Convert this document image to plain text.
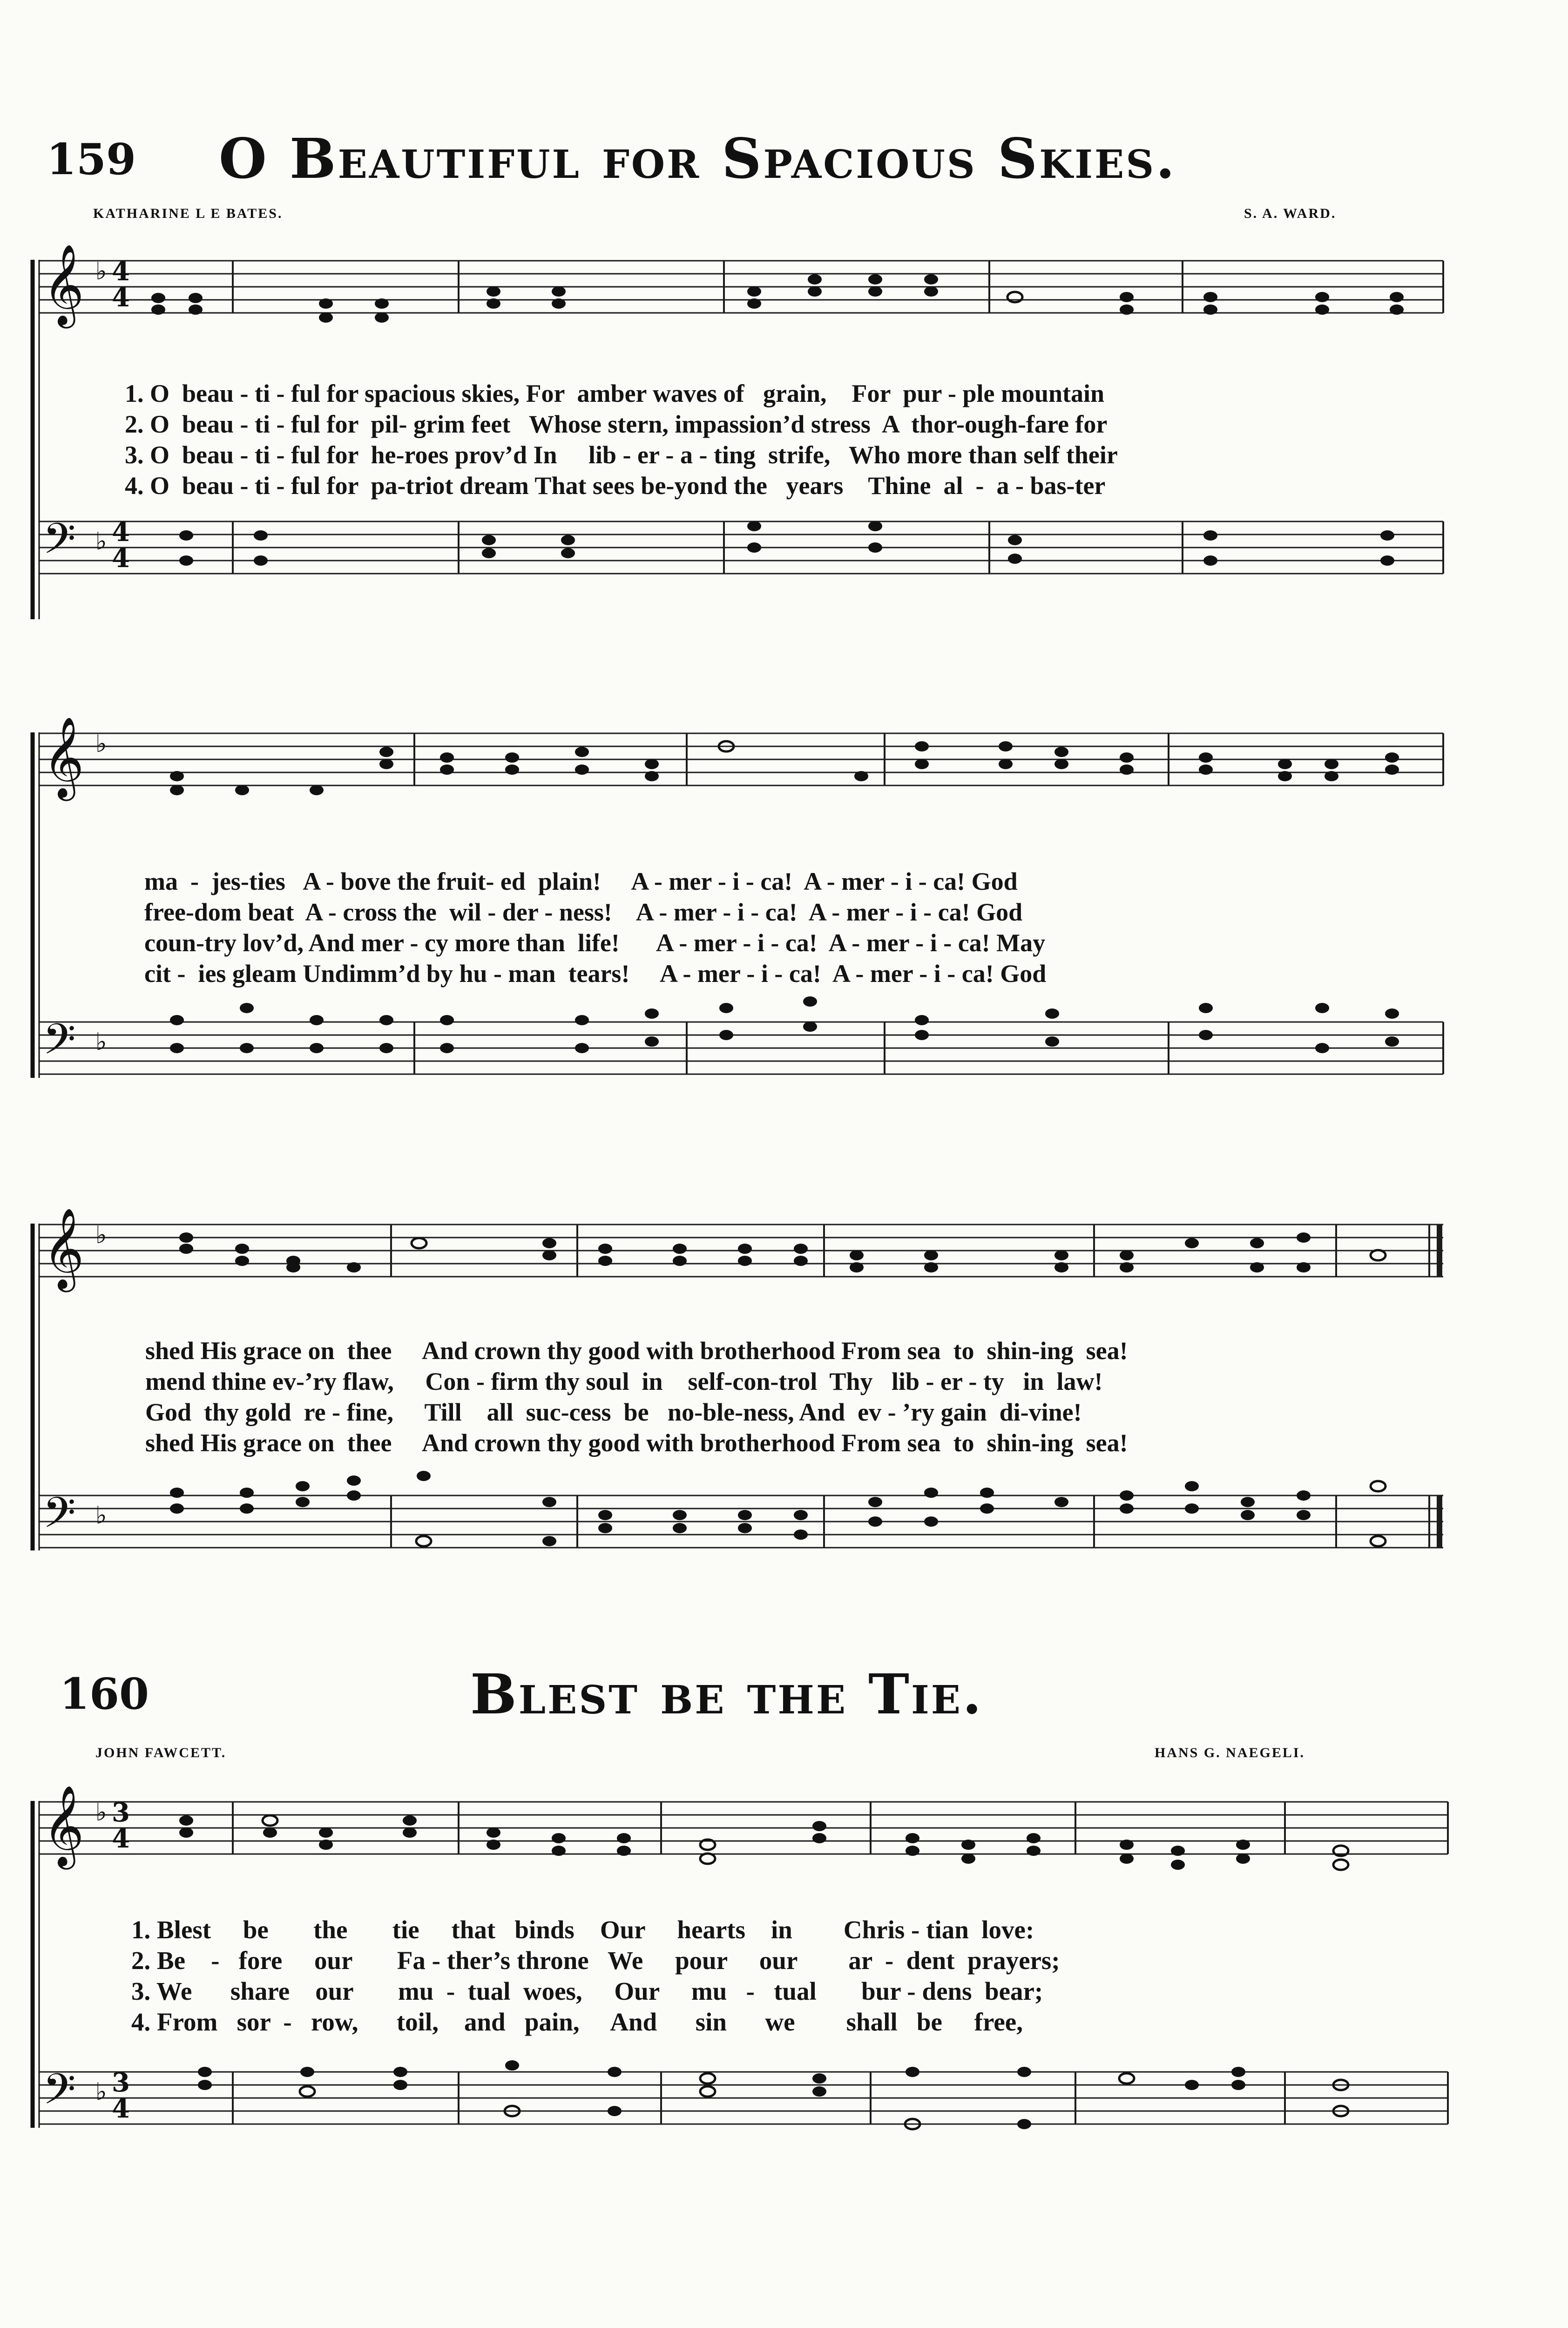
159 O Beautiful for Spacious Skies.
KATHARINE L E BATES.	S. A. WARD.
𝄞
𝄢
4
4
4
4
♭
♭
1. O  beau - ti - ful for spacious skies, For  amber waves of   grain,    For  pur - ple mountain
2. O  beau - ti - ful for  pil- grim feet   Whose stern, impassion’d stress  A  thor-ough-fare for
3. O  beau - ti - ful for  he-roes prov’d In     lib - er - a - ting  strife,   Who more than self their
4. O  beau - ti - ful for  pa-triot dream That sees be-yond the   years    Thine  al  -  a - bas-ter
𝄞
𝄢
♭
♭
ma  -  jes-ties   A - bove the fruit- ed  plain!     A - mer - i - ca!  A - mer - i - ca! God
free-dom beat  A - cross the  wil - der - ness!    A - mer - i - ca!  A - mer - i - ca! God
coun-try lov’d, And mer - cy more than  life!      A - mer - i - ca!  A - mer - i - ca! May
cit -  ies gleam Undimm’d by hu - man  tears!     A - mer - i - ca!  A - mer - i - ca! God
𝄞
𝄢
♭
♭
shed His grace on  thee     And crown thy good with brotherhood From sea  to  shin-ing  sea!
mend thine ev-’ry flaw,     Con - firm thy soul  in    self-con-trol  Thy   lib - er - ty   in  law!
God  thy gold  re - fine,     Till    all  suc-cess  be   no-ble-ness, And  ev - ’ry gain  di-vine!
shed His grace on  thee     And crown thy good with brotherhood From sea  to  shin-ing  sea!
160	Blest be the Tie.
JOHN FAWCETT.	HANS G. NAEGELI.
𝄞
𝄢
♭
♭
3
4
3
4
1. Blest     be       the       tie     that   binds    Our     hearts    in        Chris - tian  love:
2. Be    -   fore     our       Fa - ther’s throne   We     pour     our        ar  -  dent  prayers;
3. We      share    our       mu  -  tual  woes,     Our     mu   -   tual       bur - dens  bear;
4. From   sor  -   row,      toil,    and   pain,     And      sin      we        shall   be     free,
